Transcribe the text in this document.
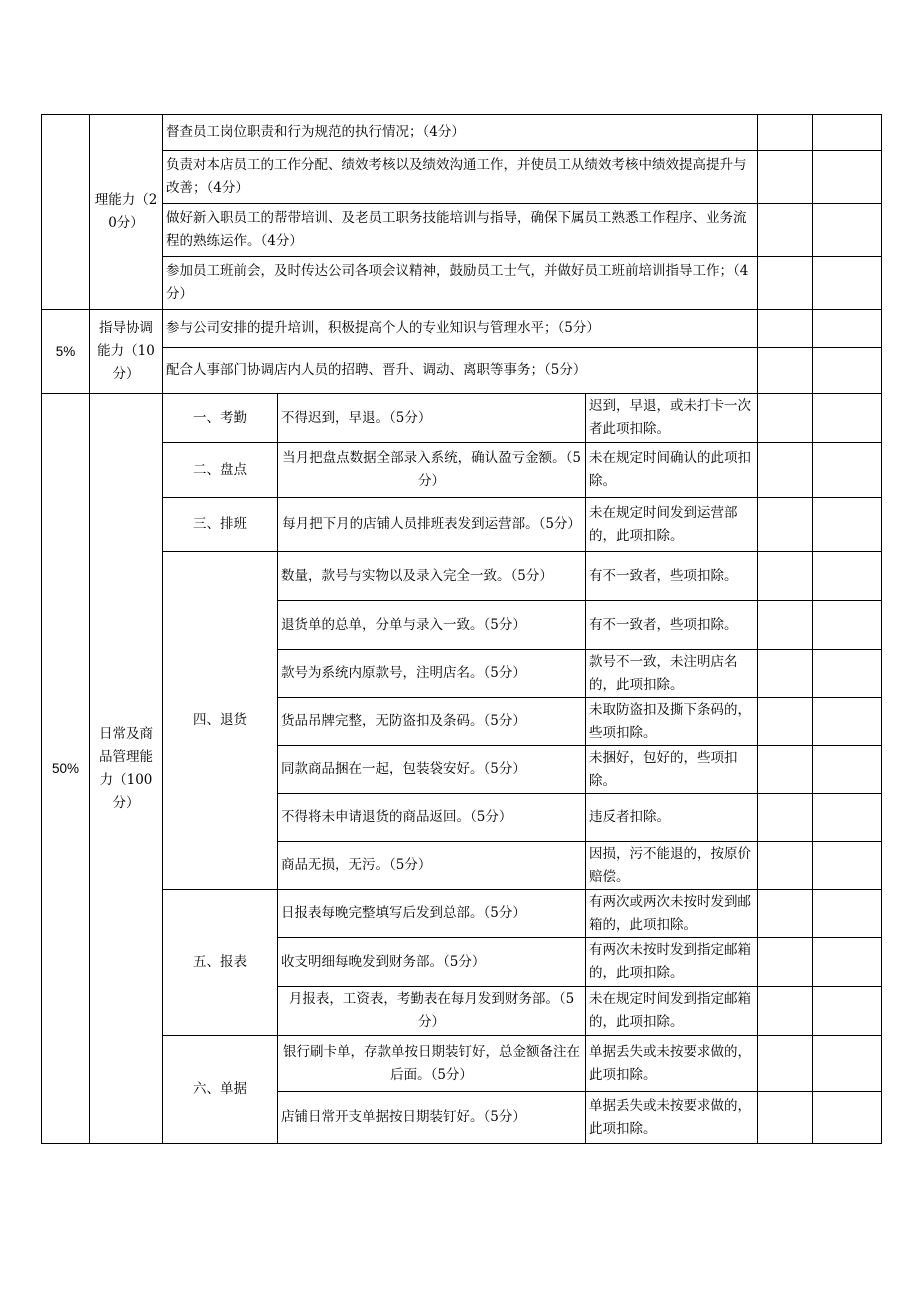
	理能力（20分）	督查员工岗位职责和行为规范的执行情况；（4分）				
		负责对本店员工的工作分配、绩效考核以及绩效沟通工作，并使员工从绩效考核中绩效提高提升与改善；（4分）				
		做好新入职员工的帮带培训、及老员工职务技能培训与指导，确保下属员工熟悉工作程序、业务流程的熟练运作。（4分）				
		参加员工班前会，及时传达公司各项会议精神，鼓励员工士气，并做好员工班前培训指导工作；（4分）				
5%	指导协调能力（10分）	参与公司安排的提升培训，积极提高个人的专业知识与管理水平；（5分）				
		配合人事部门协调店内人员的招聘、晋升、调动、离职等事务；（5分）				
50%	日常及商品管理能力（100分）	一、考勤	不得迟到，早退。（5分）	迟到，早退，或未打卡一次者此项扣除。		
		二、盘点	当月把盘点数据全部录入系统，确认盈亏金额。（5分）	未在规定时间确认的此项扣除。		
		三、排班	每月把下月的店铺人员排班表发到运营部。（5分）	未在规定时间发到运营部的，此项扣除。		
		四、退货	数量，款号与实物以及录入完全一致。（5分）	有不一致者，些项扣除。		
			退货单的总单，分单与录入一致。（5分）	有不一致者，些项扣除。		
			款号为系统内原款号，注明店名。（5分）	款号不一致，未注明店名的，此项扣除。		
			货品吊牌完整，无防盗扣及条码。（5分）	未取防盗扣及撕下条码的，些项扣除。		
			同款商品捆在一起，包装袋安好。（5分）	未捆好，包好的，些项扣除。		
			不得将未申请退货的商品返回。（5分）	违反者扣除。		
			商品无损，无污。（5分）	因损，污不能退的，按原价赔偿。		
		五、报表	日报表每晚完整填写后发到总部。（5分）	有两次或两次未按时发到邮箱的，此项扣除。		
			收支明细每晚发到财务部。（5分）	有两次未按时发到指定邮箱的，此项扣除。		
			月报表，工资表，考勤表在每月发到财务部。（5分）	未在规定时间发到指定邮箱的，此项扣除。		
		六、单据	银行刷卡单，存款单按日期装钉好，总金额备注在后面。（5分）	单据丢失或未按要求做的，此项扣除。		
			店铺日常开支单据按日期装钉好。（5分）	单据丢失或未按要求做的，此项扣除。		
